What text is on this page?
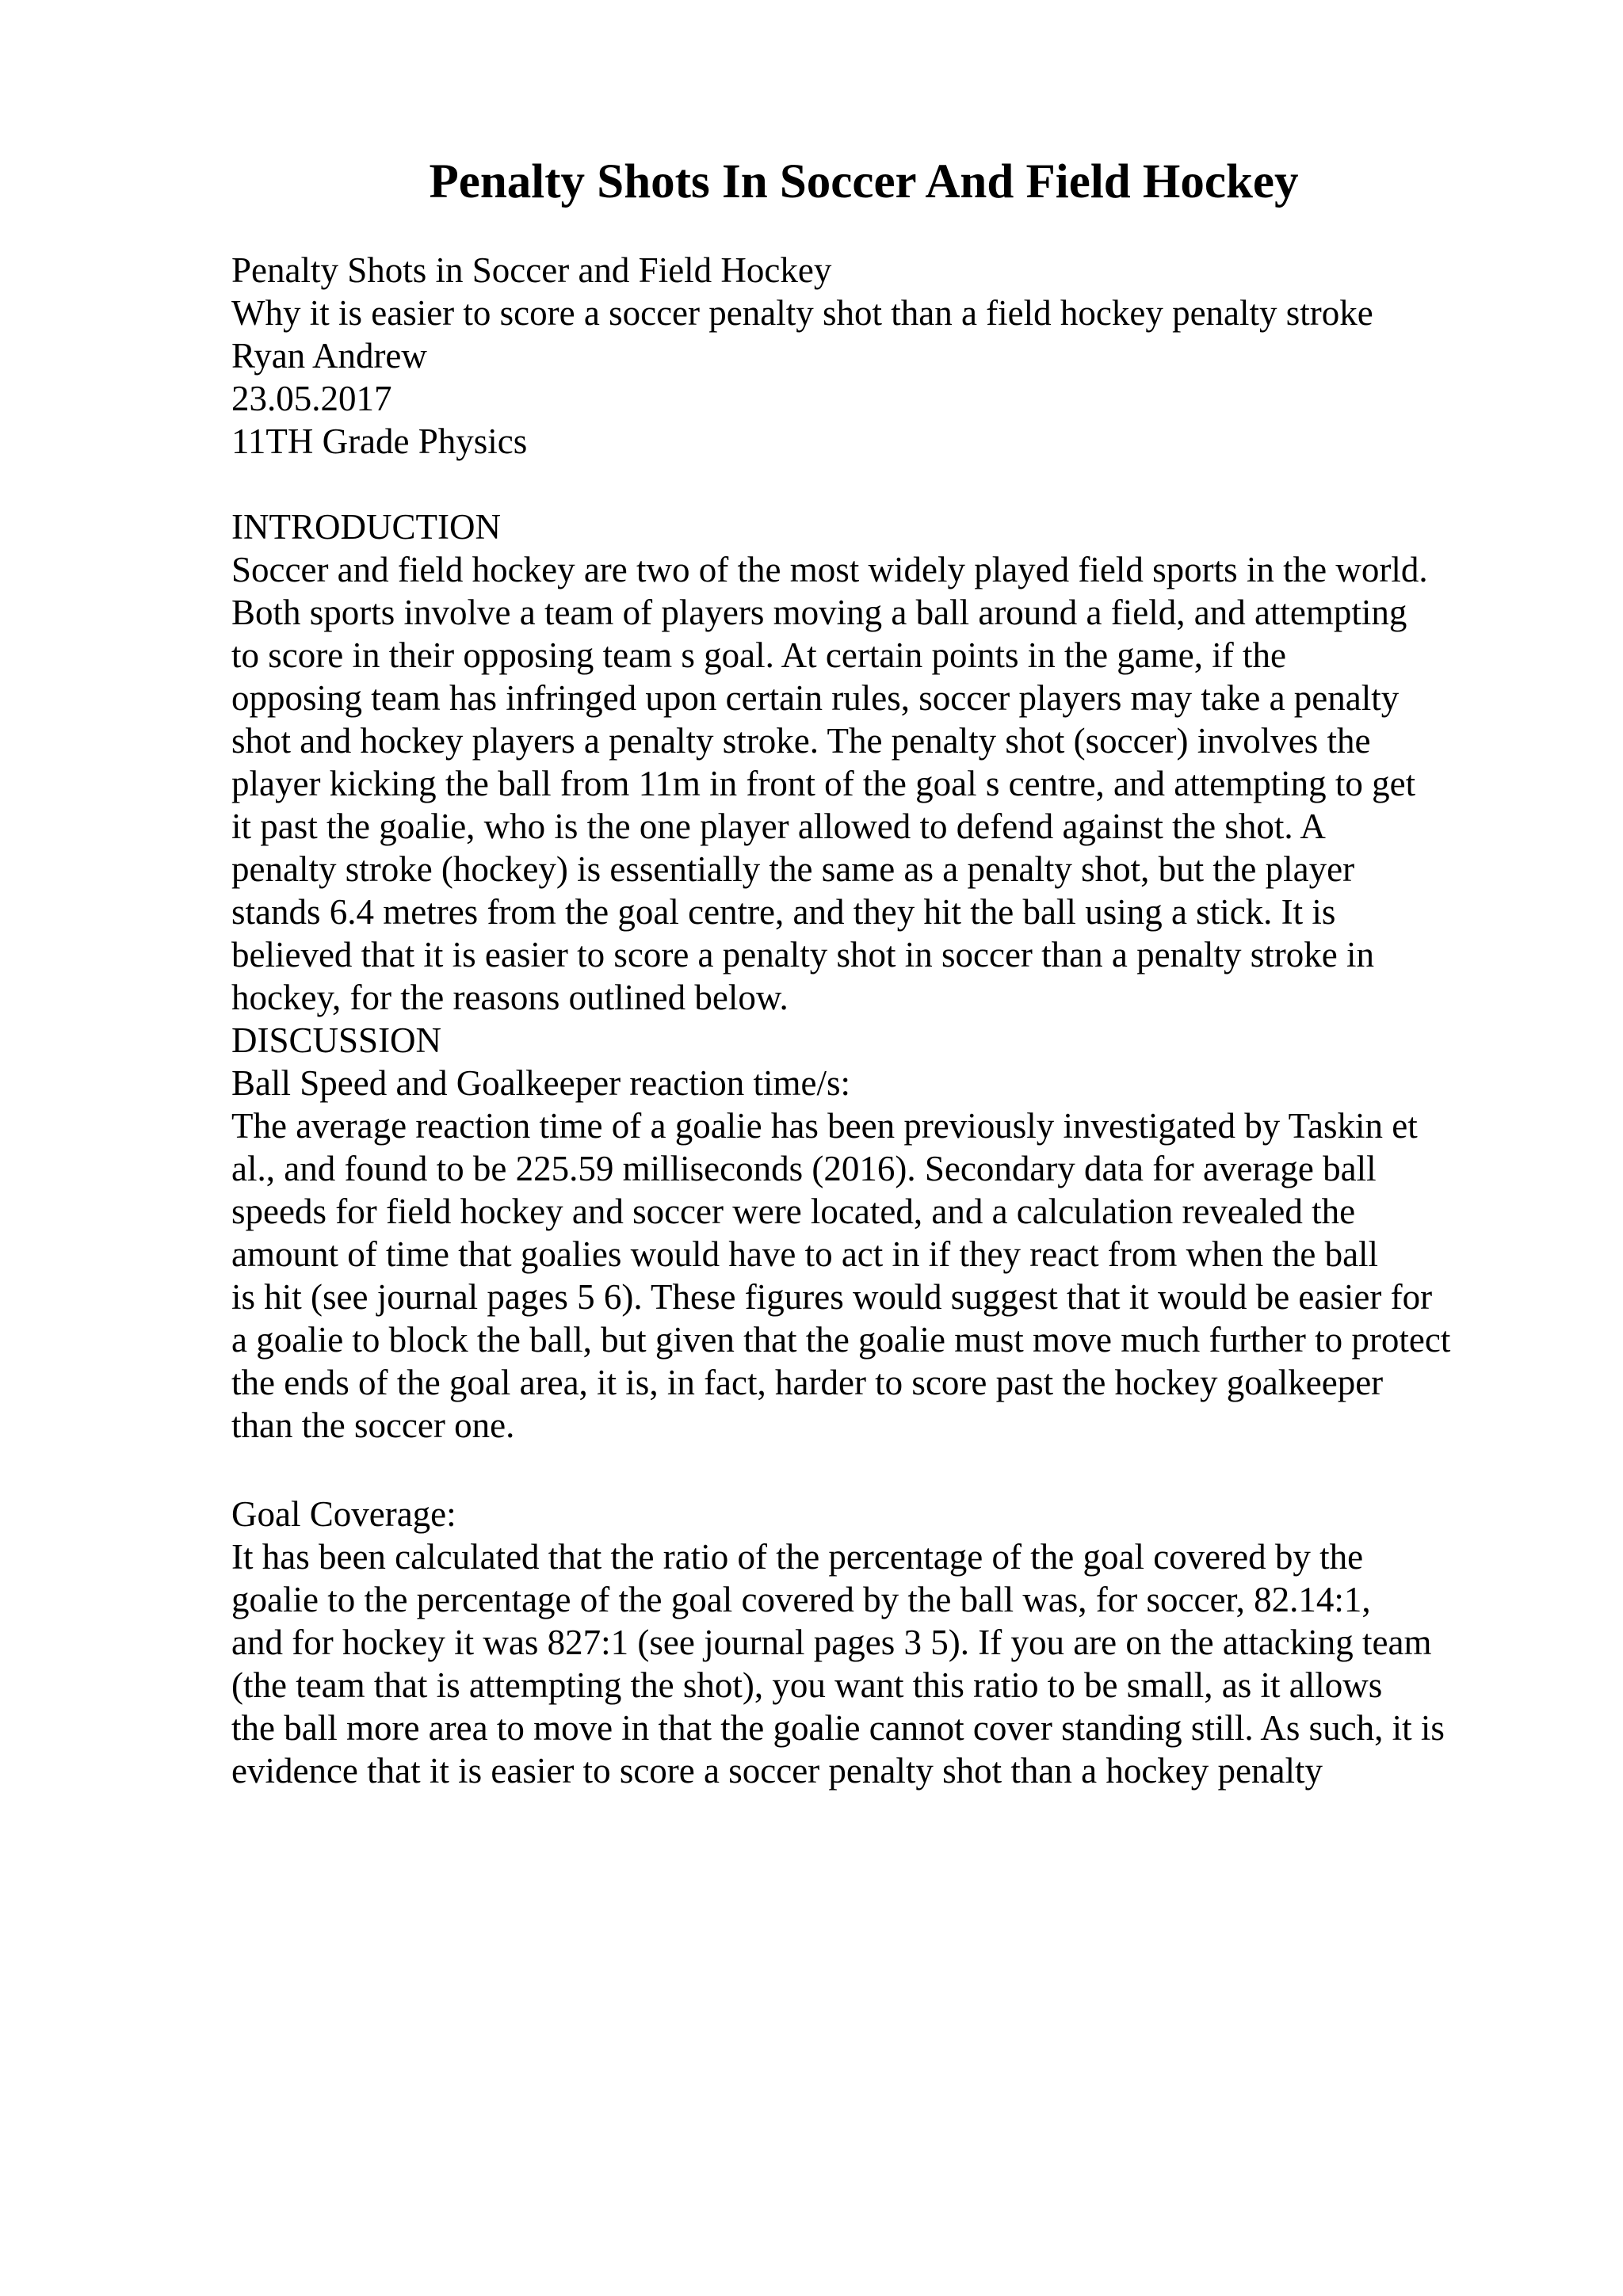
Penalty Shots In Soccer And Field Hockey
Penalty Shots in Soccer and Field Hockey
Why it is easier to score a soccer penalty shot than a field hockey penalty stroke
Ryan Andrew
23.05.2017
11TH Grade Physics
INTRODUCTION
Soccer and field hockey are two of the most widely played field sports in the world.
Both sports involve a team of players moving a ball around a field, and attempting
to score in their opposing team s goal. At certain points in the game, if the
opposing team has infringed upon certain rules, soccer players may take a penalty
shot and hockey players a penalty stroke. The penalty shot (soccer) involves the
player kicking the ball from 11m in front of the goal s centre, and attempting to get
it past the goalie, who is the one player allowed to defend against the shot. A
penalty stroke (hockey) is essentially the same as a penalty shot, but the player
stands 6.4 metres from the goal centre, and they hit the ball using a stick. It is
believed that it is easier to score a penalty shot in soccer than a penalty stroke in
hockey, for the reasons outlined below.
DISCUSSION
Ball Speed and Goalkeeper reaction time/s:
The average reaction time of a goalie has been previously investigated by Taskin et
al., and found to be 225.59 milliseconds (2016). Secondary data for average ball
speeds for field hockey and soccer were located, and a calculation revealed the
amount of time that goalies would have to act in if they react from when the ball
is hit (see journal pages 5 6). These figures would suggest that it would be easier for
a goalie to block the ball, but given that the goalie must move much further to protect
the ends of the goal area, it is, in fact, harder to score past the hockey goalkeeper
than the soccer one.
Goal Coverage:
It has been calculated that the ratio of the percentage of the goal covered by the
goalie to the percentage of the goal covered by the ball was, for soccer, 82.14:1,
and for hockey it was 827:1 (see journal pages 3 5). If you are on the attacking team
(the team that is attempting the shot), you want this ratio to be small, as it allows
the ball more area to move in that the goalie cannot cover standing still. As such, it is
evidence that it is easier to score a soccer penalty shot than a hockey penalty
